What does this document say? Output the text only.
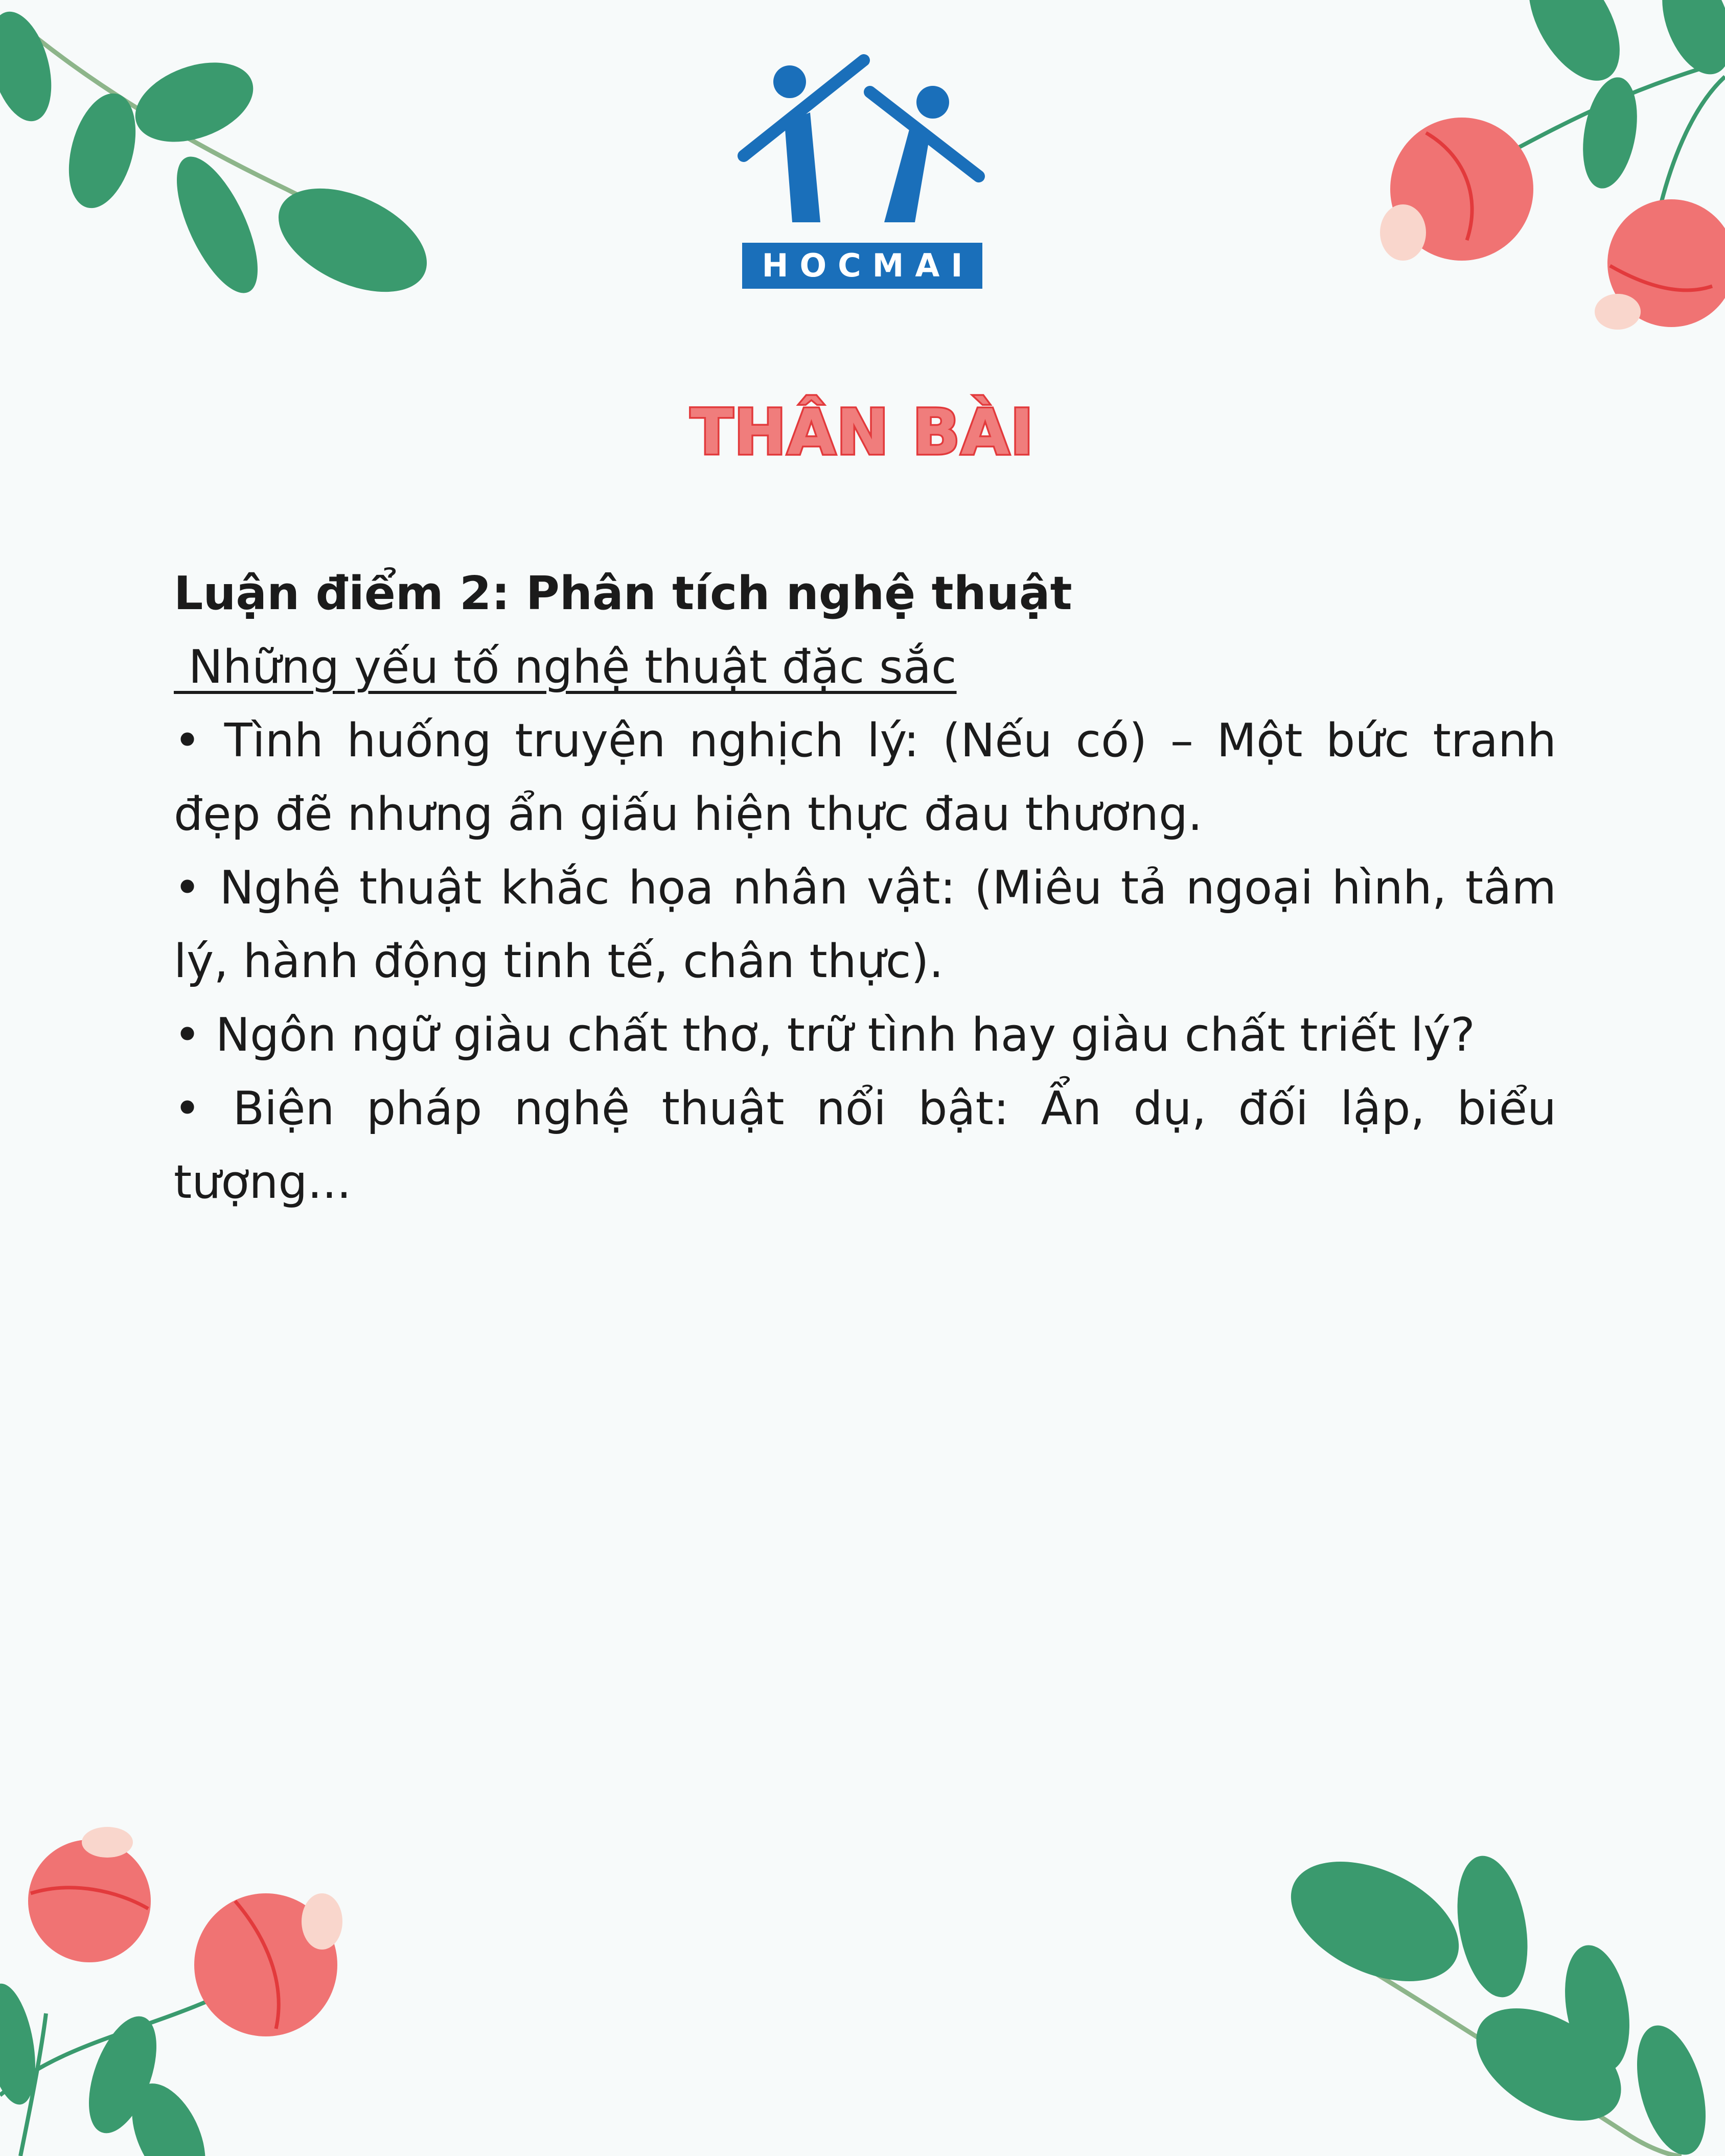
HOCMAI
THÂN BÀI

Luận điểm 2: Phân tích nghệ thuật

Những yếu tố nghệ thuật đặc sắc

• Tình huống truyện nghịch lý: (Nếu có) – Một bức tranh đẹp đẽ nhưng ẩn giấu hiện thực đau thương.

• Nghệ thuật khắc họa nhân vật: (Miêu tả ngoại hình, tâm lý, hành động tinh tế, chân thực).

• Ngôn ngữ giàu chất thơ, trữ tình hay giàu chất triết lý?

• Biện pháp nghệ thuật nổi bật: Ẩn dụ, đối lập, biểu tượng...
